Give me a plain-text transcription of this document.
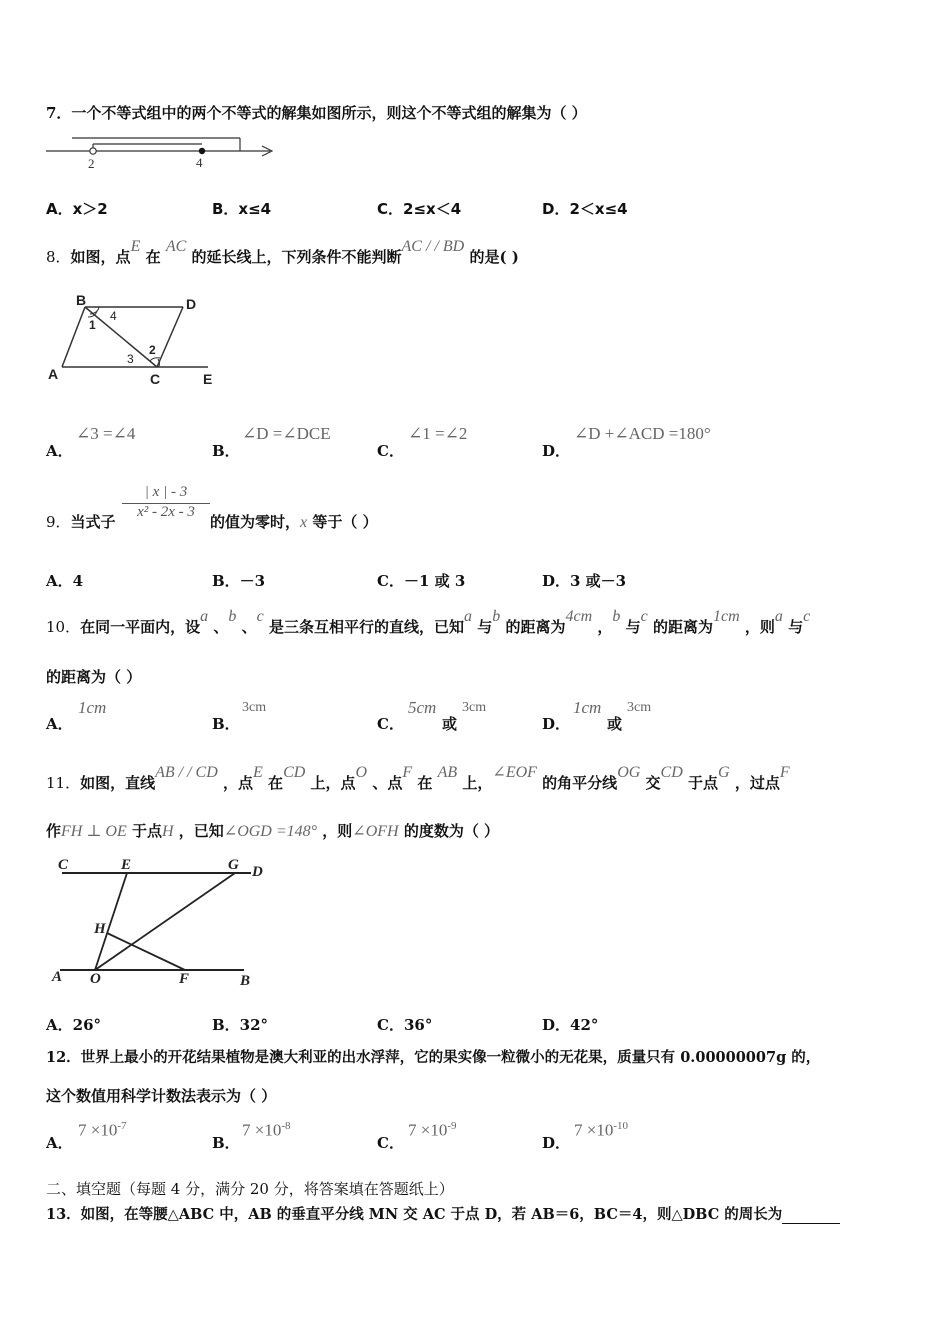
7．一个不等式组中的两个不等式的解集如图所示，则这个不等式组的解集为（ ）
2	4
A．x＞2	B．x≤4	C．2≤x＜4	D．2＜x≤4
8．如图，点E 在 AC 的延长线上，下列条件不能判断AC / / BD 的是( )
B	D
1
4
2
3
A	C	E
A．
∠3 =∠4
B．
∠D =∠DCE
C．
∠1 =∠2
D．
∠D +∠ACD =180°
9．当式子
| x | - 3
x² - 2x - 3
的值为零时，x 等于（ ）
A．4	B．－3	C．－1 或 3	D．3 或－3
10．在同一平面内，设a 、b 、c 是三条互相平行的直线，已知a 与b 的距离为4cm ，b 与c 的距离为1cm ，则a 与c
的距离为（ ）
A．
1cm
B．
3cm
C．
5cm
或
3cm
D．
1cm
或
3cm
11．如图，直线AB / / CD ，点E 在CD 上，点O 、点F 在 AB 上，∠EOF 的角平分线OG 交CD 于点G ，过点F
作FH ⊥ OE 于点H ，已知∠OGD =148° ，则∠OFH 的度数为（ ）
C	E	G D
H
A O	F	B
A．26°	B．32°	C．36°	D．42°
12．世界上最小的开花结果植物是澳大利亚的出水浮萍，它的果实像一粒微小的无花果，质量只有 0.00000007g 的，
这个数值用科学计数法表示为（ ）
A．
$7 \times 10^{-7}$
B．
$7 \times 10^{-8}$
C．
$7 \times 10^{-9}$
D．
$7 \times 10^{-10}$
二、填空题（每题 4 分，满分 20 分，将答案填在答题纸上）
13．如图，在等腰△ABC 中，AB 的垂直平分线 MN 交 AC 于点 D，若 AB＝6，BC＝4，则△DBC 的周长为
